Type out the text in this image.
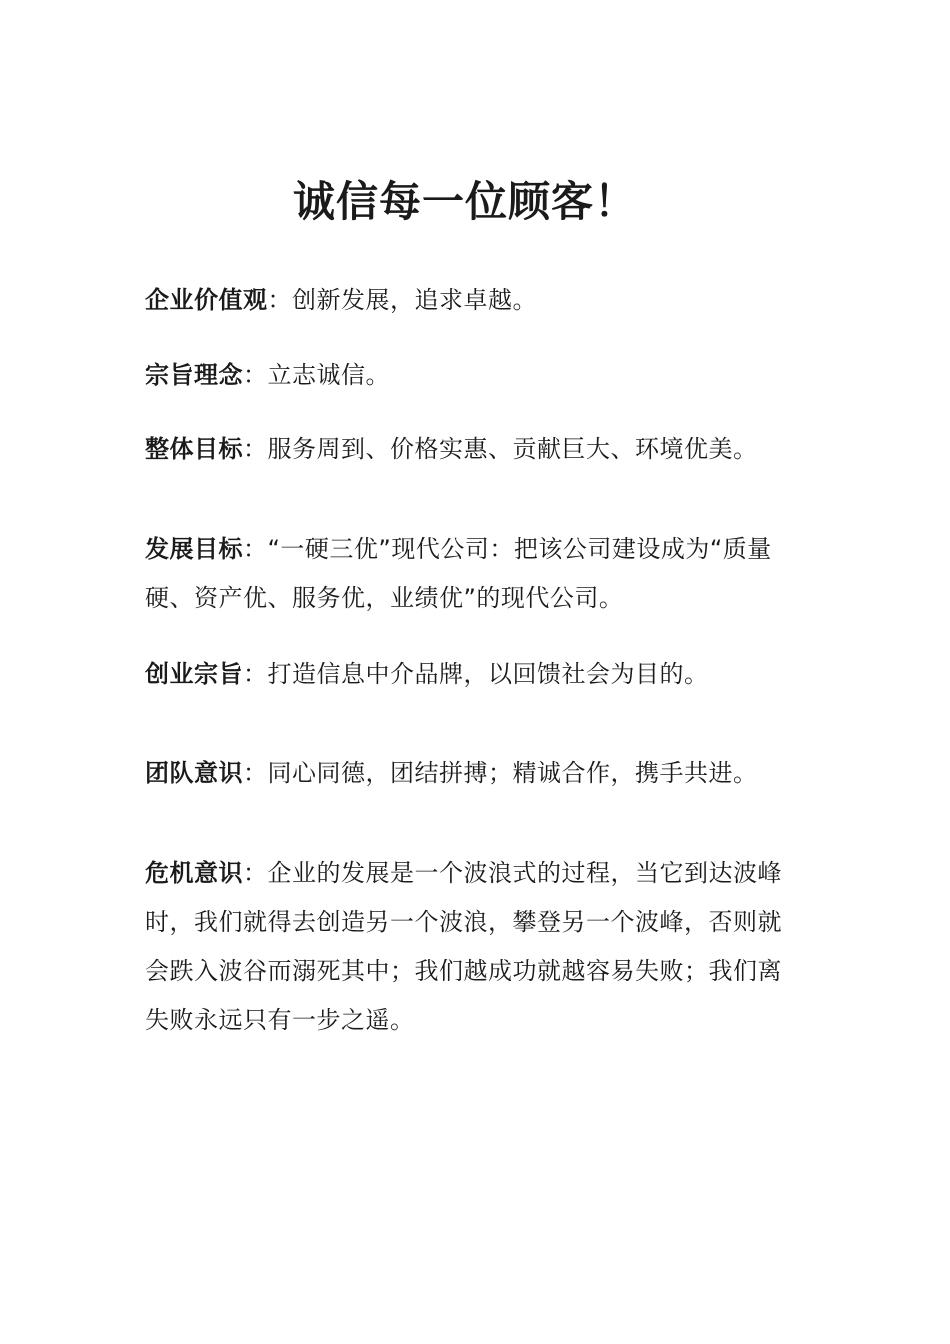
诚信每一位顾客！

企业价值观：创新发展，追求卓越。

宗旨理念：立志诚信。

整体目标：服务周到、价格实惠、贡献巨大、环境优美。

发展目标：“一硬三优”现代公司：把该公司建设成为“质量硬、资产优、服务优，业绩优”的现代公司。

创业宗旨：打造信息中介品牌，以回馈社会为目的。

团队意识：同心同德，团结拼搏；精诚合作，携手共进。

危机意识：企业的发展是一个波浪式的过程，当它到达波峰时，我们就得去创造另一个波浪，攀登另一个波峰，否则就会跌入波谷而溺死其中；我们越成功就越容易失败；我们离失败永远只有一步之遥。
